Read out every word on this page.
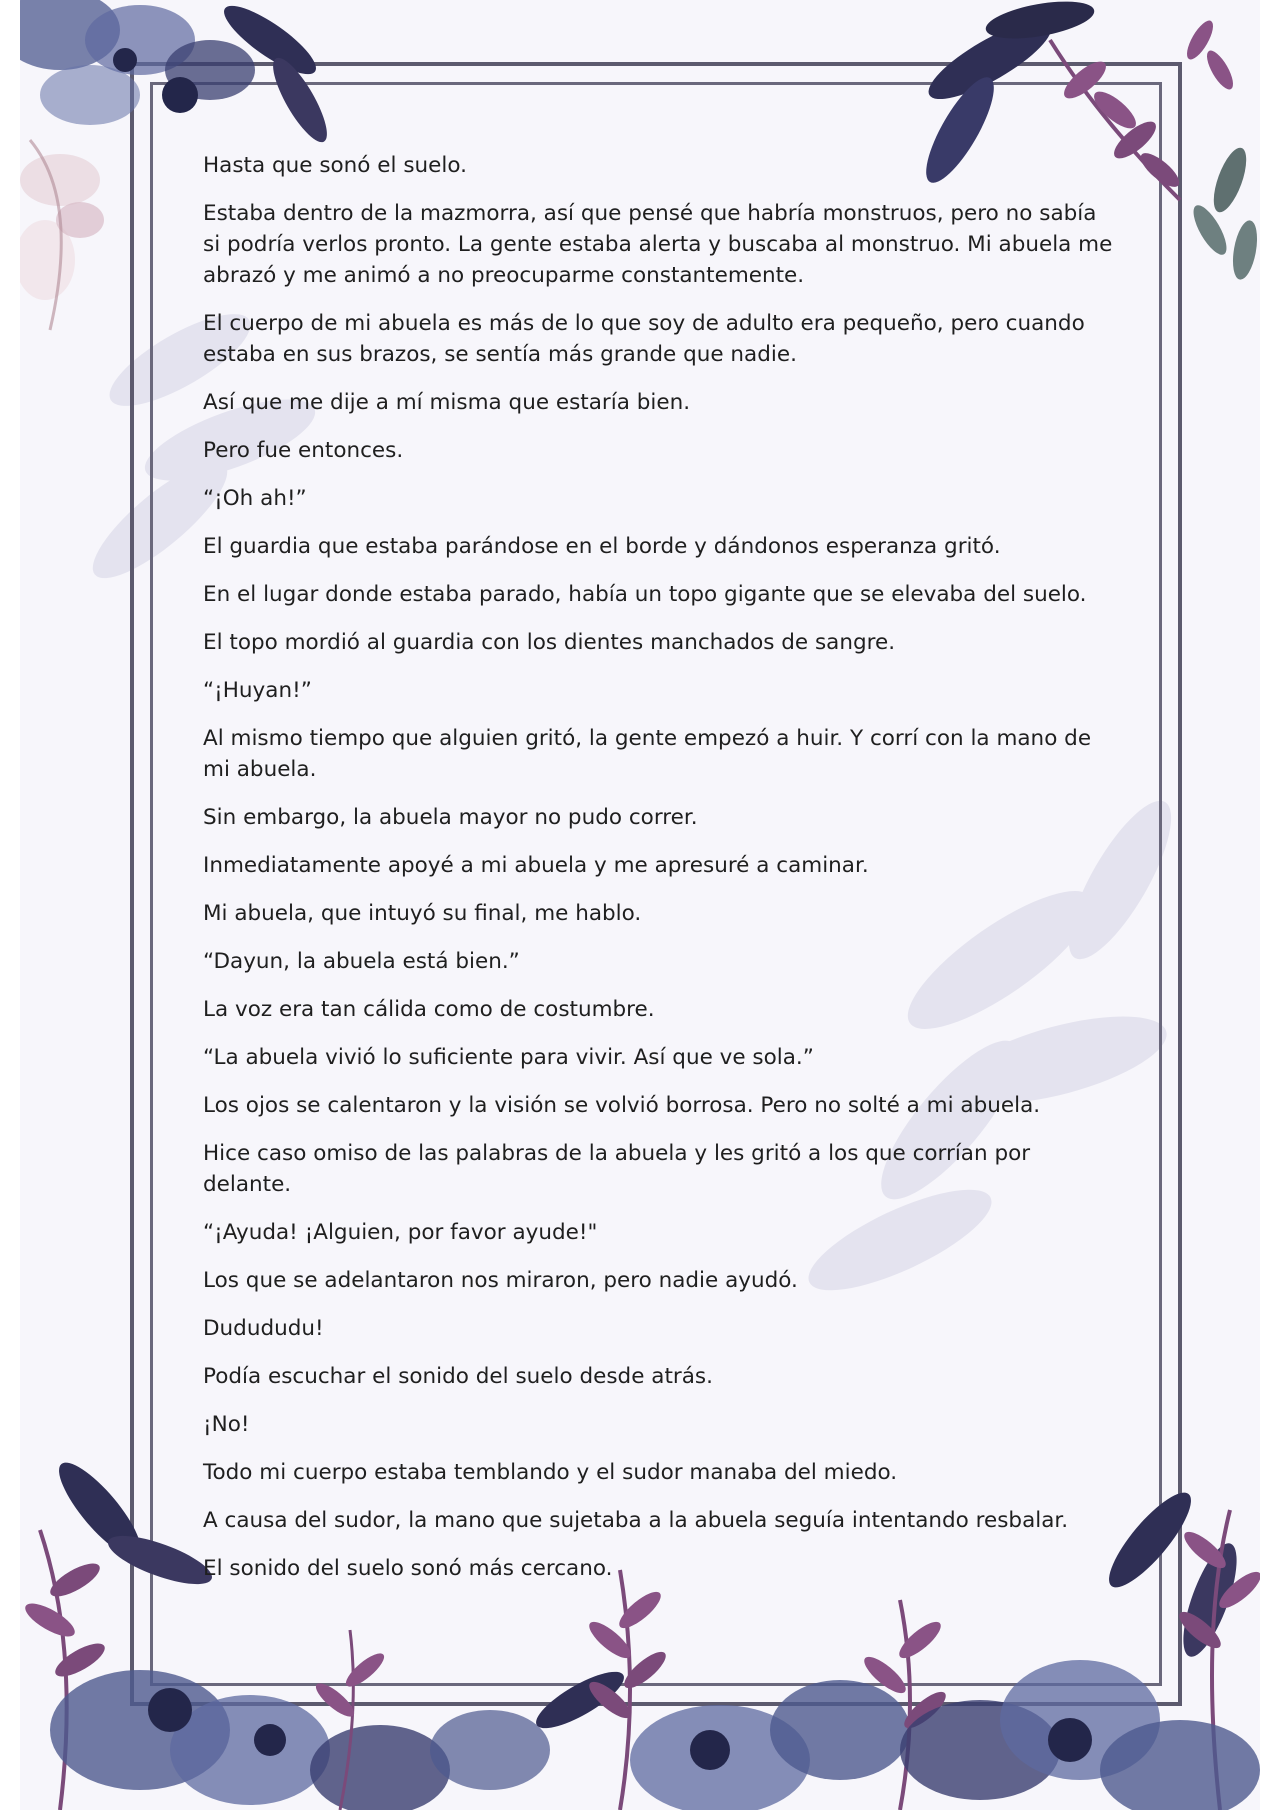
Hasta que sonó el suelo.

Estaba dentro de la mazmorra, así que pensé que habría monstruos, pero no sabía si podría verlos pronto. La gente estaba alerta y buscaba al monstruo. Mi abuela me abrazó y me animó a no preocuparme constantemente.

El cuerpo de mi abuela es más de lo que soy de adulto era pequeño, pero cuando estaba en sus brazos, se sentía más grande que nadie.

Así que me dije a mí misma que estaría bien.

Pero fue entonces.

“¡Oh ah!”

El guardia que estaba parándose en el borde y dándonos esperanza gritó.

En el lugar donde estaba parado, había un topo gigante que se elevaba del suelo.

El topo mordió al guardia con los dientes manchados de sangre.

“¡Huyan!”

Al mismo tiempo que alguien gritó, la gente empezó a huir. Y corrí con la mano de mi abuela.

Sin embargo, la abuela mayor no pudo correr.

Inmediatamente apoyé a mi abuela y me apresuré a caminar.

Mi abuela, que intuyó su final, me hablo.

“Dayun, la abuela está bien.”

La voz era tan cálida como de costumbre.

“La abuela vivió lo suficiente para vivir. Así que ve sola.”

Los ojos se calentaron y la visión se volvió borrosa. Pero no solté a mi abuela.

Hice caso omiso de las palabras de la abuela y les gritó a los que corrían por delante.

“¡Ayuda! ¡Alguien, por favor ayude!"

Los que se adelantaron nos miraron, pero nadie ayudó.

Dudududu!

Podía escuchar el sonido del suelo desde atrás.

¡No!

Todo mi cuerpo estaba temblando y el sudor manaba del miedo.

A causa del sudor, la mano que sujetaba a la abuela seguía intentando resbalar.

El sonido del suelo sonó más cercano.
